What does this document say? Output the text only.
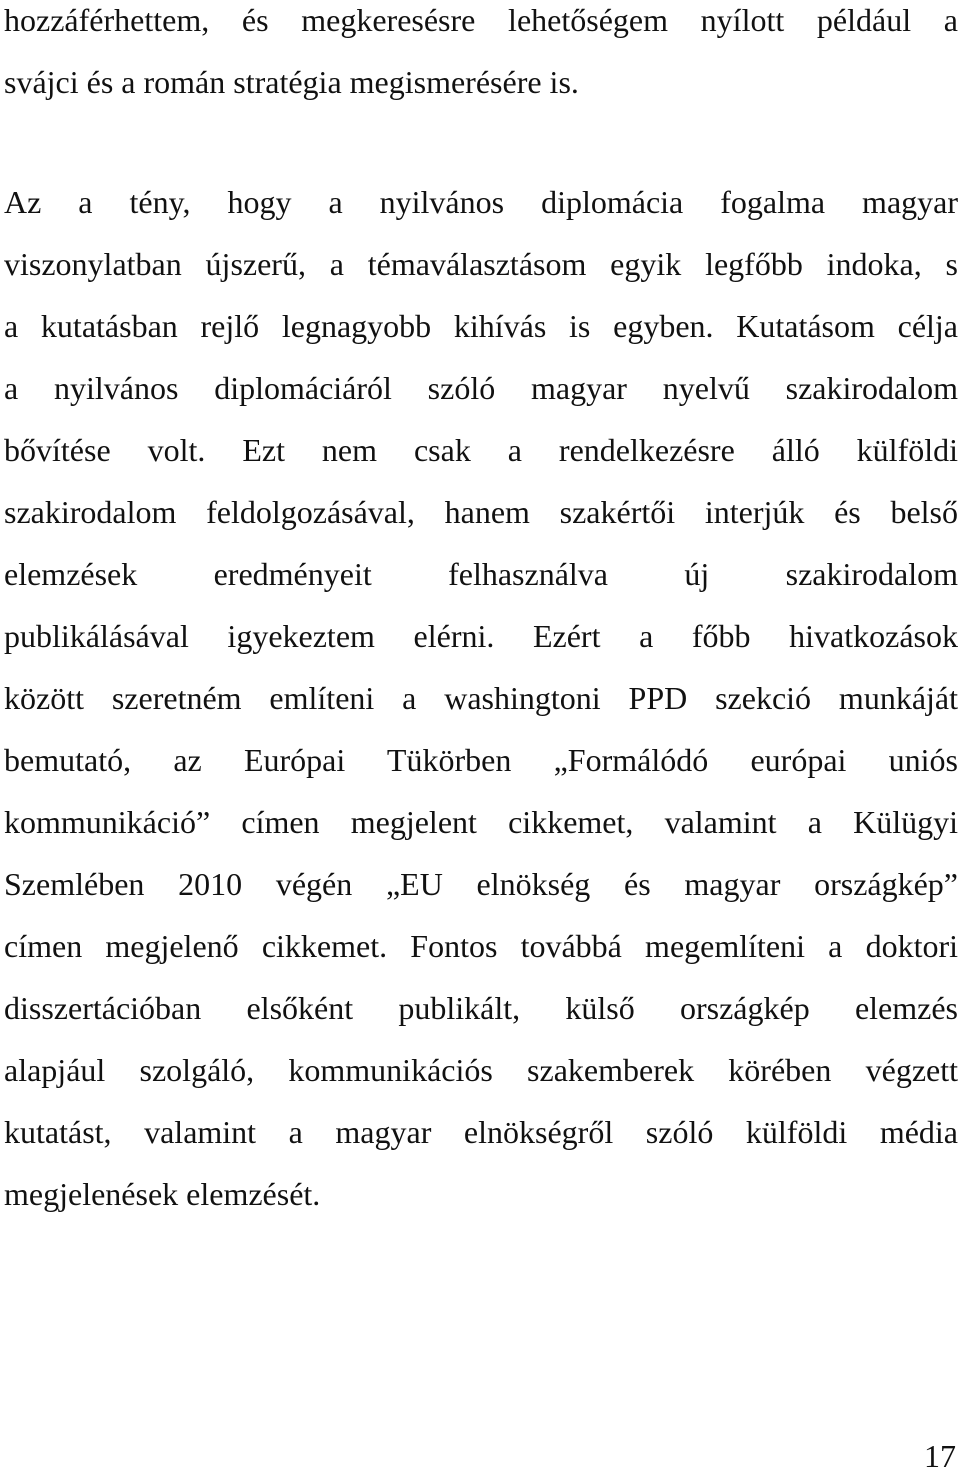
hozzáférhettem, és megkeresésre lehetőségem nyílott például a
svájci és a román stratégia megismerésére is.
Az a tény, hogy a nyilvános diplomácia fogalma magyar
viszonylatban újszerű, a témaválasztásom egyik legfőbb indoka, s
a kutatásban rejlő legnagyobb kihívás is egyben. Kutatásom célja
a nyilvános diplomáciáról szóló magyar nyelvű szakirodalom
bővítése volt. Ezt nem csak a rendelkezésre álló külföldi
szakirodalom feldolgozásával, hanem szakértői interjúk és belső
elemzések eredményeit felhasználva új szakirodalom
publikálásával igyekeztem elérni. Ezért a főbb hivatkozások
között szeretném említeni a washingtoni PPD szekció munkáját
bemutató, az Európai Tükörben „Formálódó európai uniós
kommunikáció” címen megjelent cikkemet, valamint a Külügyi
Szemlében 2010 végén „EU elnökség és magyar országkép”
címen megjelenő cikkemet. Fontos továbbá megemlíteni a doktori
disszertációban elsőként publikált, külső országkép elemzés
alapjául szolgáló, kommunikációs szakemberek körében végzett
kutatást, valamint a magyar elnökségről szóló külföldi média
megjelenések elemzését.
17
